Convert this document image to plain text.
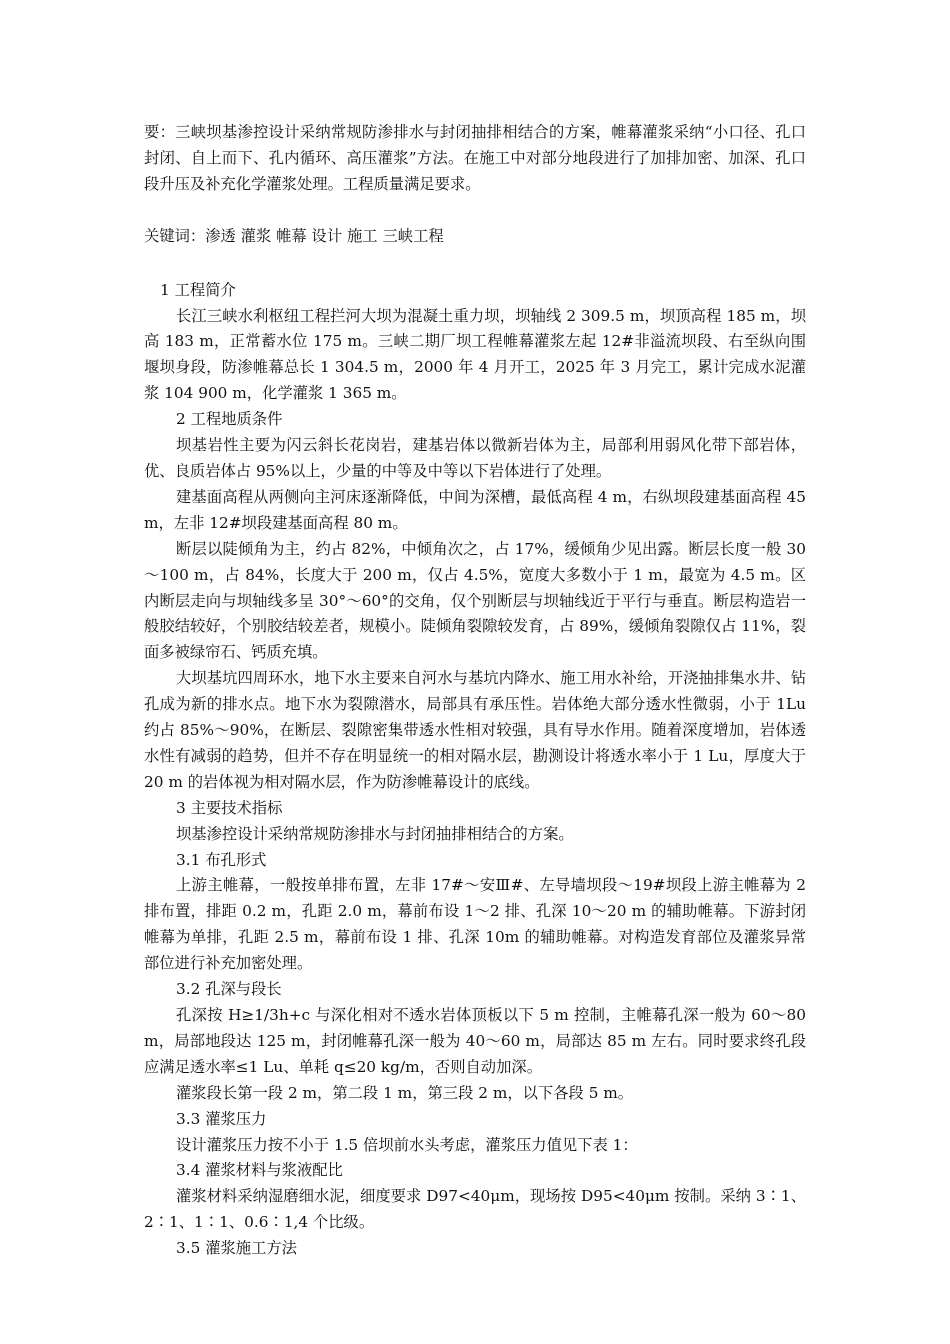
要：三峡坝基渗控设计采纳常规防渗排水与封闭抽排相结合的方案，帷幕灌浆采纳“小口径、孔口封闭、自上而下、孔内循环、高压灌浆”方法。在施工中对部分地段进行了加排加密、加深、孔口段升压及补充化学灌浆处理。工程质量满足要求。

关键词：渗透 灌浆 帷幕 设计 施工 三峡工程

1 工程简介

长江三峡水利枢纽工程拦河大坝为混凝土重力坝，坝轴线 2 309.5 m，坝顶高程 185 m，坝高 183 m，正常蓄水位 175 m。三峡二期厂坝工程帷幕灌浆左起 12#非溢流坝段、右至纵向围堰坝身段，防渗帷幕总长 1 304.5 m，2000 年 4 月开工，2025 年 3 月完工，累计完成水泥灌浆 104 900 m，化学灌浆 1 365 m。

2 工程地质条件

坝基岩性主要为闪云斜长花岗岩，建基岩体以微新岩体为主，局部利用弱风化带下部岩体，优、良质岩体占 95%以上，少量的中等及中等以下岩体进行了处理。

建基面高程从两侧向主河床逐渐降低，中间为深槽，最低高程 4 m，右纵坝段建基面高程 45 m，左非 12#坝段建基面高程 80 m。

断层以陡倾角为主，约占 82%，中倾角次之，占 17%，缓倾角少见出露。断层长度一般 30～100 m，占 84%，长度大于 200 m，仅占 4.5%，宽度大多数小于 1 m，最宽为 4.5 m。区内断层走向与坝轴线多呈 30°～60°的交角，仅个别断层与坝轴线近于平行与垂直。断层构造岩一般胶结较好，个别胶结较差者，规模小。陡倾角裂隙较发育，占 89%，缓倾角裂隙仅占 11%，裂面多被绿帘石、钙质充填。

大坝基坑四周环水，地下水主要来自河水与基坑内降水、施工用水补给，开浇抽排集水井、钻孔成为新的排水点。地下水为裂隙潜水，局部具有承压性。岩体绝大部分透水性微弱，小于 1Lu 约占 85%～90%，在断层、裂隙密集带透水性相对较强，具有导水作用。随着深度增加，岩体透水性有减弱的趋势，但并不存在明显统一的相对隔水层，勘测设计将透水率小于 1 Lu，厚度大于 20 m 的岩体视为相对隔水层，作为防渗帷幕设计的底线。

3 主要技术指标

坝基渗控设计采纳常规防渗排水与封闭抽排相结合的方案。

3.1 布孔形式

上游主帷幕，一般按单排布置，左非 17#～安Ⅲ#、左导墙坝段～19#坝段上游主帷幕为 2 排布置，排距 0.2 m，孔距 2.0 m，幕前布设 1～2 排、孔深 10～20 m 的辅助帷幕。下游封闭帷幕为单排，孔距 2.5 m，幕前布设 1 排、孔深 10m 的辅助帷幕。对构造发育部位及灌浆异常部位进行补充加密处理。

3.2 孔深与段长

孔深按 H≥1/3h+c 与深化相对不透水岩体顶板以下 5 m 控制，主帷幕孔深一般为 60～80 m，局部地段达 125 m，封闭帷幕孔深一般为 40～60 m，局部达 85 m 左右。同时要求终孔段应满足透水率≤1 Lu、单耗 q≤20 kg/m，否则自动加深。

灌浆段长第一段 2 m，第二段 1 m，第三段 2 m，以下各段 5 m。

3.3 灌浆压力

设计灌浆压力按不小于 1.5 倍坝前水头考虑，灌浆压力值见下表 1：

3.4 灌浆材料与浆液配比

灌浆材料采纳湿磨细水泥，细度要求 D97<40μm，现场按 D95<40μm 按制。采纳 3∶1、2∶1、1∶1、0.6∶1,4 个比级。

3.5 灌浆施工方法
